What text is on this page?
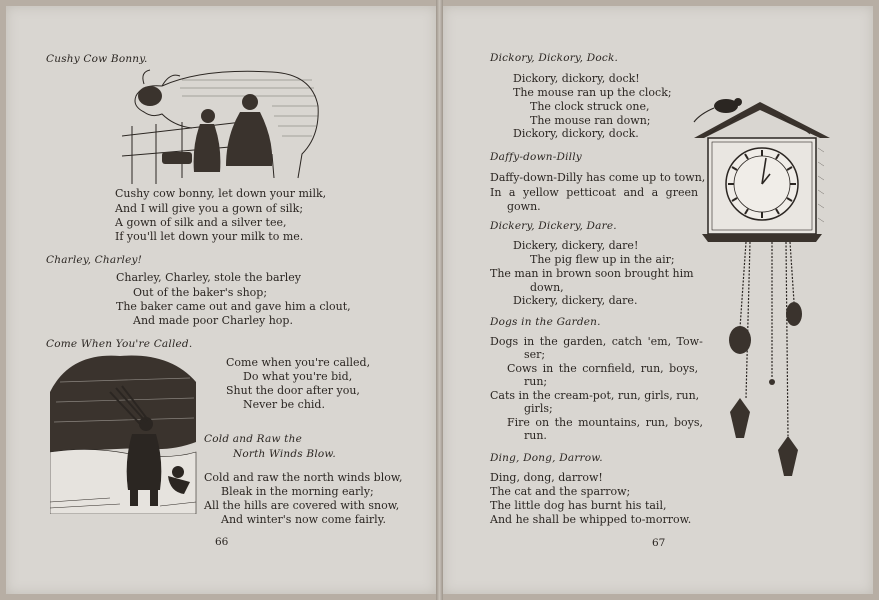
Cushy Cow Bonny.
Cushy cow bonny, let down your milk,
And I will give you a gown of silk;
A gown of silk and a silver tee,
If you'll let down your milk to me.
Charley, Charley!
Charley, Charley, stole the barley
Out of the baker's shop;
The baker came out and gave him a clout,
And made poor Charley hop.
Come When You're Called.
Come when you're called,
Do what you're bid,
Shut the door after you,
Never be chid.
Cold and Raw the
North Winds Blow.
Cold and raw the north winds blow,
Bleak in the morning early;
All the hills are covered with snow,
And winter's now come fairly.
66
Dickory, Dickory, Dock.
Dickory, dickory, dock!
The mouse ran up the clock;
The clock struck one,
The mouse ran down;
Dickory, dickory, dock.
Daffy-down-Dilly
Daffy-down-Dilly has come up to town,
In a yellow petticoat and a green
gown.
Dickery, Dickery, Dare.
Dickery, dickery, dare!
The pig flew up in the air;
The man in brown soon brought him
down,
Dickery, dickery, dare.
Dogs in the Garden.
Dogs in the garden, catch 'em, Tow-
ser;
Cows in the cornfield, run, boys,
run;
Cats in the cream-pot, run, girls, run,
girls;
Fire on the mountains, run, boys,
run.
Ding, Dong, Darrow.
Ding, dong, darrow!
The cat and the sparrow;
The little dog has burnt his tail,
And he shall be whipped to-morrow.
67
